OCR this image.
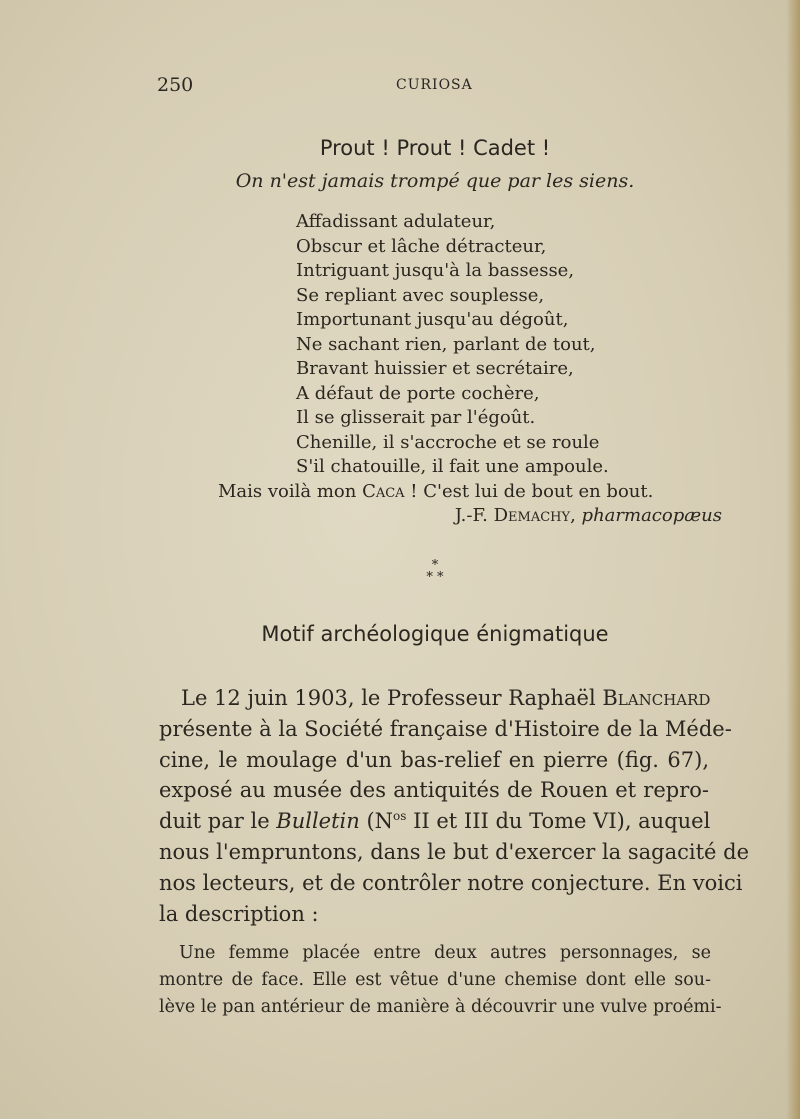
250	CURIOSA
Prout ! Prout ! Cadet !
On n'est jamais trompé que par les siens.
Affadissant adulateur,
Obscur et lâche détracteur,
Intriguant jusqu'à la bassesse,
Se repliant avec souplesse,
Importunant jusqu'au dégoût,
Ne sachant rien, parlant de tout,
Bravant huissier et secrétaire,
A défaut de porte cochère,
Il se glisserait par l'égoût.
Chenille, il s'accroche et se roule
S'il chatouille, il fait une ampoule.
Mais voilà mon Caca ! C'est lui de bout en bout.
J.-F. Demachy, pharmacopæus
*
* *
Motif archéologique énigmatique
Le 12 juin 1903, le Professeur Raphaël Blanchard
présente à la Société française d'Histoire de la Méde-
cine, le moulage d'un bas-relief en pierre (fig. 67),
exposé au musée des antiquités de Rouen et repro-
duit par le Bulletin ($N^{os}$ II et III du Tome VI), auquel
nous l'empruntons, dans le but d'exercer la sagacité de
nos lecteurs, et de contrôler notre conjecture. En voici
la description :
Une femme placée entre deux autres personnages, se
montre de face. Elle est vêtue d'une chemise dont elle sou-
lève le pan antérieur de manière à découvrir une vulve proémi-
